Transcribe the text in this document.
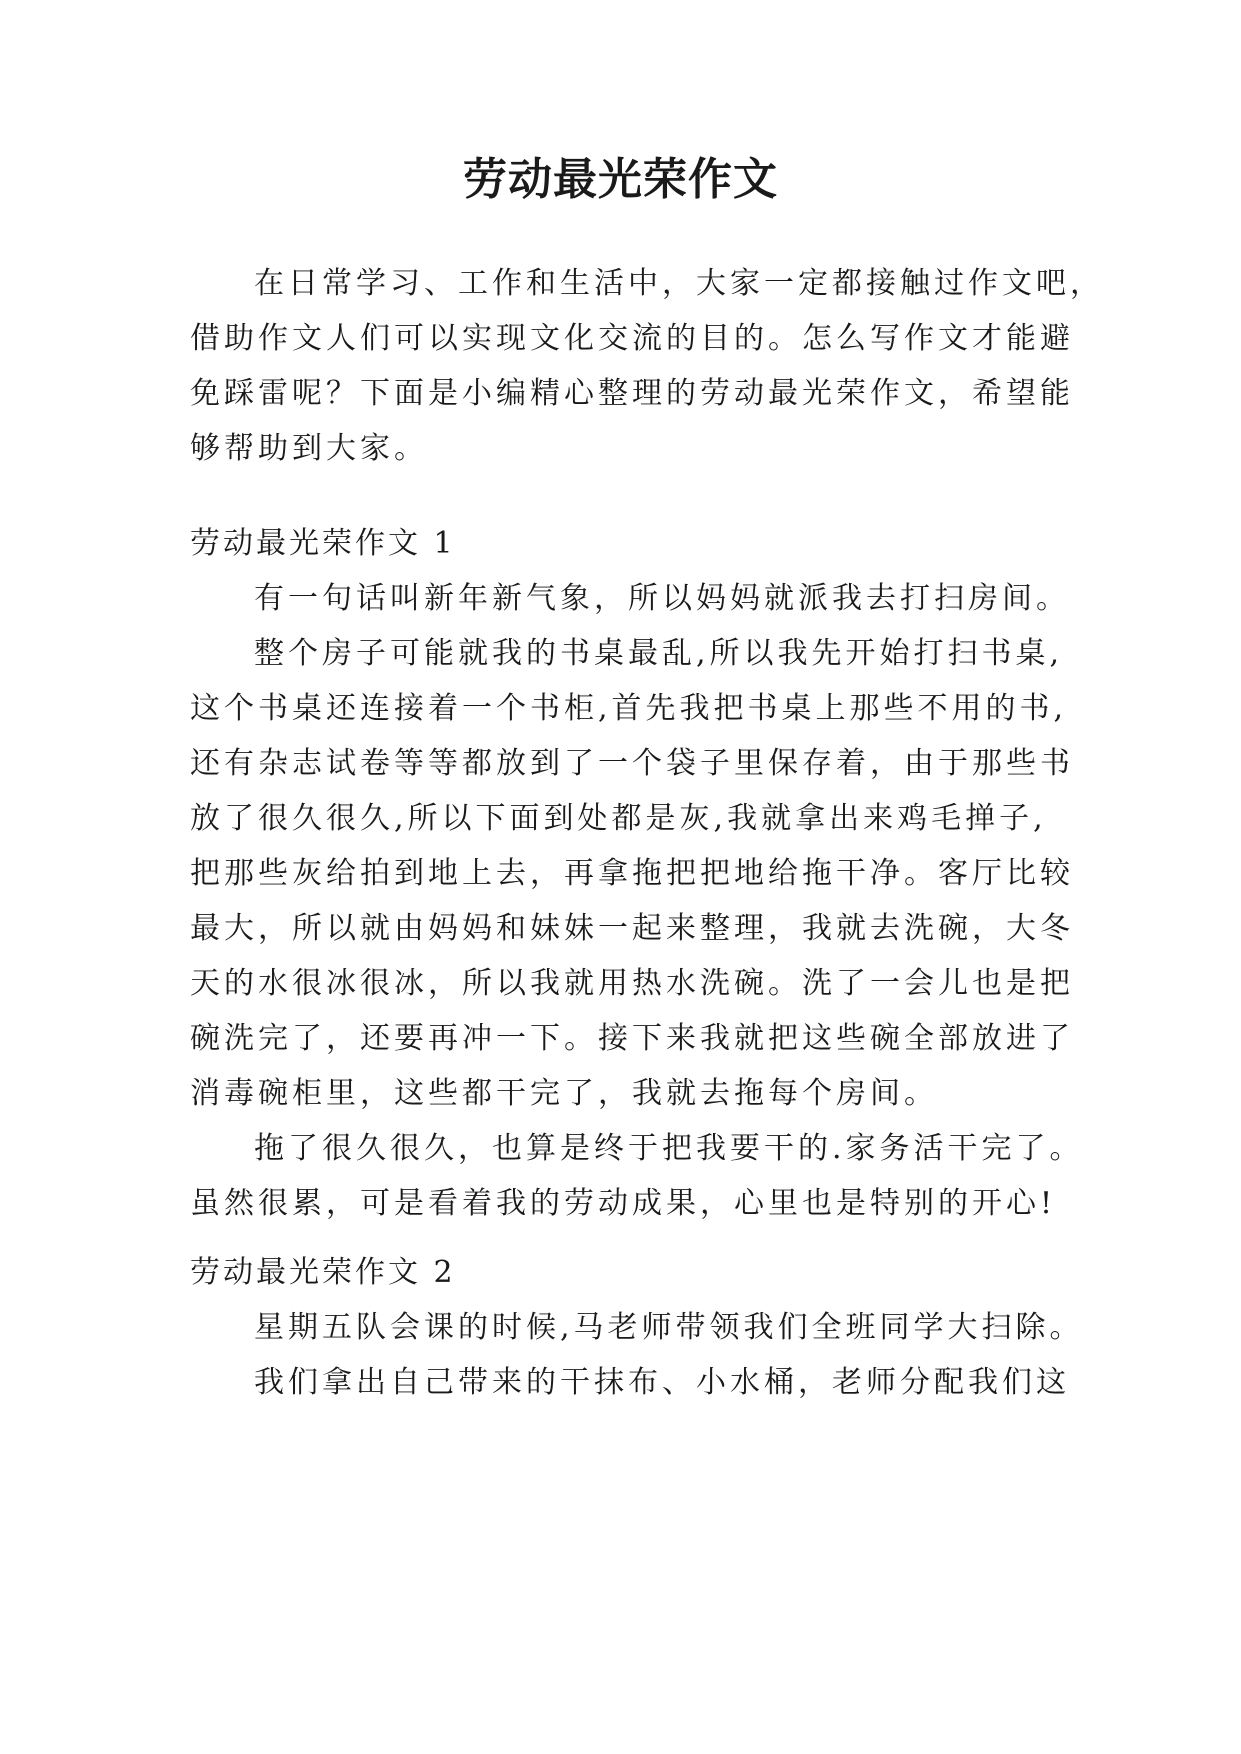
劳动最光荣作文
在日常学习、工作和生活中，大家一定都接触过作文吧，
借助作文人们可以实现文化交流的目的。怎么写作文才能避
免踩雷呢？下面是小编精心整理的劳动最光荣作文，希望能
够帮助到大家。
劳动最光荣作文 1
有一句话叫新年新气象，所以妈妈就派我去打扫房间。
整个房子可能就我的书桌最乱,所以我先开始打扫书桌,
这个书桌还连接着一个书柜,首先我把书桌上那些不用的书,
还有杂志试卷等等都放到了一个袋子里保存着，由于那些书
放了很久很久,所以下面到处都是灰,我就拿出来鸡毛掸子,
把那些灰给拍到地上去，再拿拖把把地给拖干净。客厅比较
最大，所以就由妈妈和妹妹一起来整理，我就去洗碗，大冬
天的水很冰很冰，所以我就用热水洗碗。洗了一会儿也是把
碗洗完了，还要再冲一下。接下来我就把这些碗全部放进了
消毒碗柜里，这些都干完了，我就去拖每个房间。
拖了很久很久，也算是终于把我要干的.家务活干完了。
虽然很累，可是看着我的劳动成果，心里也是特别的开心!
劳动最光荣作文 2
星期五队会课的时候,马老师带领我们全班同学大扫除。
我们拿出自己带来的干抹布、小水桶，老师分配我们这
